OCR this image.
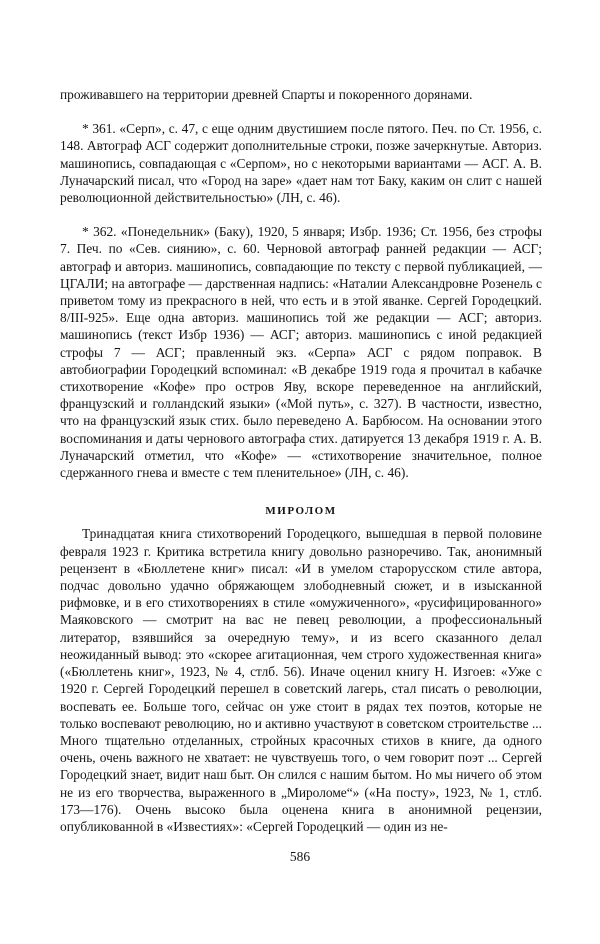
проживавшего на территории древней Спарты и покоренного дорянами.

* 361. «Серп», с. 47, с еще одним двустишием после пятого. Печ. по Ст. 1956, с. 148. Автограф АСГ содержит дополнительные строки, позже зачеркнутые. Авториз. машинопись, совпадающая с «Серпом», но с некоторыми вариантами — АСГ. А. В. Луначарский писал, что «Город на заре» «дает нам тот Баку, каким он слит с нашей революционной действительностью» (ЛН, с. 46).

* 362. «Понедельник» (Баку), 1920, 5 января; Избр. 1936; Ст. 1956, без строфы 7. Печ. по «Сев. сиянию», с. 60. Черновой автограф ранней редакции — АСГ; автограф и авториз. машинопись, совпадающие по тексту с первой публикацией, — ЦГАЛИ; на автографе — дарственная надпись: «Наталии Александровне Розенель с приветом тому из прекрасного в ней, что есть и в этой яванке. Сергей Городецкий. 8/III-925». Еще одна авториз. машинопись той же редакции — АСГ; авториз. машинопись (текст Избр 1936) — АСГ; авториз. машинопись с иной редакцией строфы 7 — АСГ; правленный экз. «Серпа» АСГ с рядом поправок. В автобиографии Городецкий вспоминал: «В декабре 1919 года я прочитал в кабачке стихотворение «Кофе» про остров Яву, вскоре переведенное на английский, французский и голландский языки» («Мой путь», с. 327). В частности, известно, что на французский язык стих. было переведено А. Барбюсом. На основании этого воспоминания и даты чернового автографа стих. датируется 13 декабря 1919 г. А. В. Луначарский отметил, что «Кофе» — «стихотворение значительное, полное сдержанного гнева и вместе с тем пленительное» (ЛН, с. 46).

МИРОЛОМ

Тринадцатая книга стихотворений Городецкого, вышедшая в первой половине февраля 1923 г. Критика встретила книгу довольно разноречиво. Так, анонимный рецензент в «Бюллетене книг» писал: «И в умелом старорусском стиле автора, подчас довольно удачно обряжающем злободневный сюжет, и в изысканной рифмовке, и в его стихотворениях в стиле «омужиченного», «русифицированного» Маяковского — смотрит на вас не певец революции, а профессиональный литератор, взявшийся за очередную тему», и из всего сказанного делал неожиданный вывод: это «скорее агитационная, чем строго художественная книга» («Бюллетень книг», 1923, № 4, стлб. 56). Иначе оценил книгу Н. Изгоев: «Уже с 1920 г. Сергей Городецкий перешел в советский лагерь, стал писать о революции, воспевать ее. Больше того, сейчас он уже стоит в рядах тех поэтов, которые не только воспевают революцию, но и активно участвуют в советском строительстве ... Много тщательно отделанных, стройных красочных стихов в книге, да одного очень, очень важного не хватает: не чувствуешь того, о чем говорит поэт ... Сергей Городецкий знает, видит наш быт. Он слился с нашим бытом. Но мы ничего об этом не из его творчества, выраженного в „Мироломе“» («На посту», 1923, № 1, стлб. 173—176). Очень высоко была оценена книга в анонимной рецензии, опубликованной в «Известиях»: «Сергей Городецкий — один из не-

586
